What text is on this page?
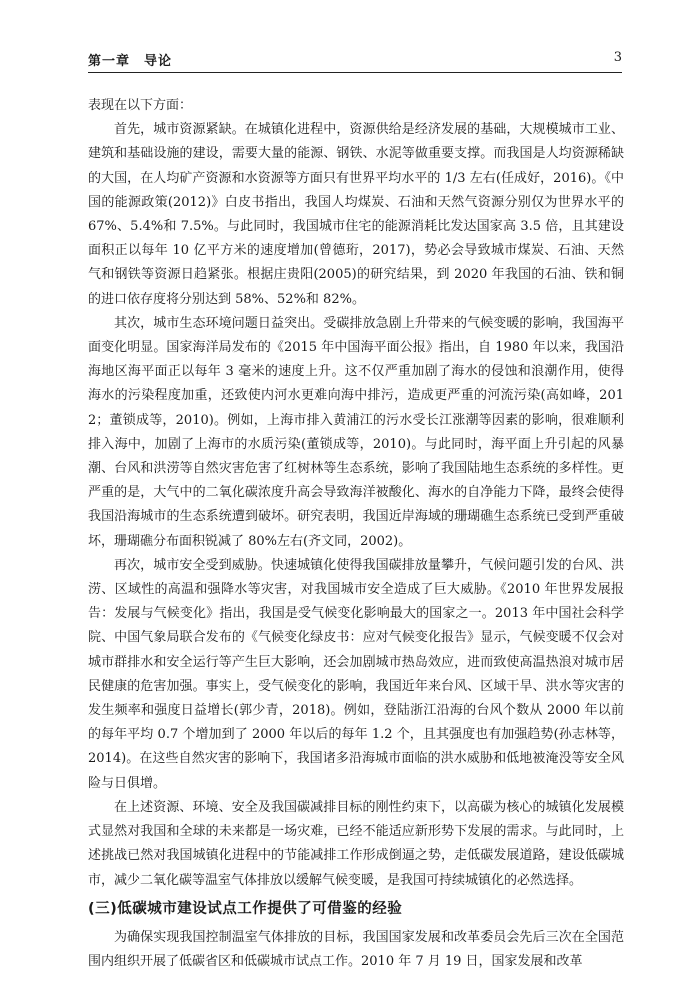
第一章　导论	3

表现在以下方面：

首先，城市资源紧缺。在城镇化进程中，资源供给是经济发展的基础，大规模城市工业、建筑和基础设施的建设，需要大量的能源、钢铁、水泥等做重要支撑。而我国是人均资源稀缺的大国，在人均矿产资源和水资源等方面只有世界平均水平的 1/3 左右(任成好，2016)。《中国的能源政策(2012)》白皮书指出，我国人均煤炭、石油和天然气资源分别仅为世界水平的 67%、5.4%和 7.5%。与此同时，我国城市住宅的能源消耗比发达国家高 3.5 倍，且其建设面积正以每年 10 亿平方米的速度增加(曾德珩，2017)，势必会导致城市煤炭、石油、天然气和钢铁等资源日趋紧张。根据庄贵阳(2005)的研究结果，到 2020 年我国的石油、铁和铜的进口依存度将分别达到 58%、52%和 82%。

其次，城市生态环境问题日益突出。受碳排放急剧上升带来的气候变暖的影响，我国海平面变化明显。国家海洋局发布的《2015 年中国海平面公报》指出，自 1980 年以来，我国沿海地区海平面正以每年 3 毫米的速度上升。这不仅严重加剧了海水的侵蚀和浪潮作用，使得海水的污染程度加重，还致使内河水更难向海中排污，造成更严重的河流污染(高如峰，2012；董锁成等，2010)。例如，上海市排入黄浦江的污水受长江涨潮等因素的影响，很难顺利排入海中，加剧了上海市的水质污染(董锁成等，2010)。与此同时，海平面上升引起的风暴潮、台风和洪涝等自然灾害危害了红树林等生态系统，影响了我国陆地生态系统的多样性。更严重的是，大气中的二氧化碳浓度升高会导致海洋被酸化、海水的自净能力下降，最终会使得我国沿海城市的生态系统遭到破坏。研究表明，我国近岸海域的珊瑚礁生态系统已受到严重破坏，珊瑚礁分布面积锐减了 80%左右(齐文同，2002)。

再次，城市安全受到威胁。快速城镇化使得我国碳排放量攀升，气候问题引发的台风、洪涝、区域性的高温和强降水等灾害，对我国城市安全造成了巨大威胁。《2010 年世界发展报告：发展与气候变化》指出，我国是受气候变化影响最大的国家之一。2013 年中国社会科学院、中国气象局联合发布的《气候变化绿皮书：应对气候变化报告》显示，气候变暖不仅会对城市群排水和安全运行等产生巨大影响，还会加剧城市热岛效应，进而致使高温热浪对城市居民健康的危害加强。事实上，受气候变化的影响，我国近年来台风、区域干旱、洪水等灾害的发生频率和强度日益增长(郭少青，2018)。例如，登陆浙江沿海的台风个数从 2000 年以前的每年平均 0.7 个增加到了 2000 年以后的每年 1.2 个，且其强度也有加强趋势(孙志林等，2014)。在这些自然灾害的影响下，我国诸多沿海城市面临的洪水威胁和低地被淹没等安全风险与日俱增。

在上述资源、环境、安全及我国碳减排目标的刚性约束下，以高碳为核心的城镇化发展模式显然对我国和全球的未来都是一场灾难，已经不能适应新形势下发展的需求。与此同时，上述挑战已然对我国城镇化进程中的节能减排工作形成倒逼之势，走低碳发展道路，建设低碳城市，减少二氧化碳等温室气体排放以缓解气候变暖，是我国可持续城镇化的必然选择。

(三)低碳城市建设试点工作提供了可借鉴的经验

为确保实现我国控制温室气体排放的目标，我国国家发展和改革委员会先后三次在全国范围内组织开展了低碳省区和低碳城市试点工作。2010 年 7 月 19 日，国家发展和改革
